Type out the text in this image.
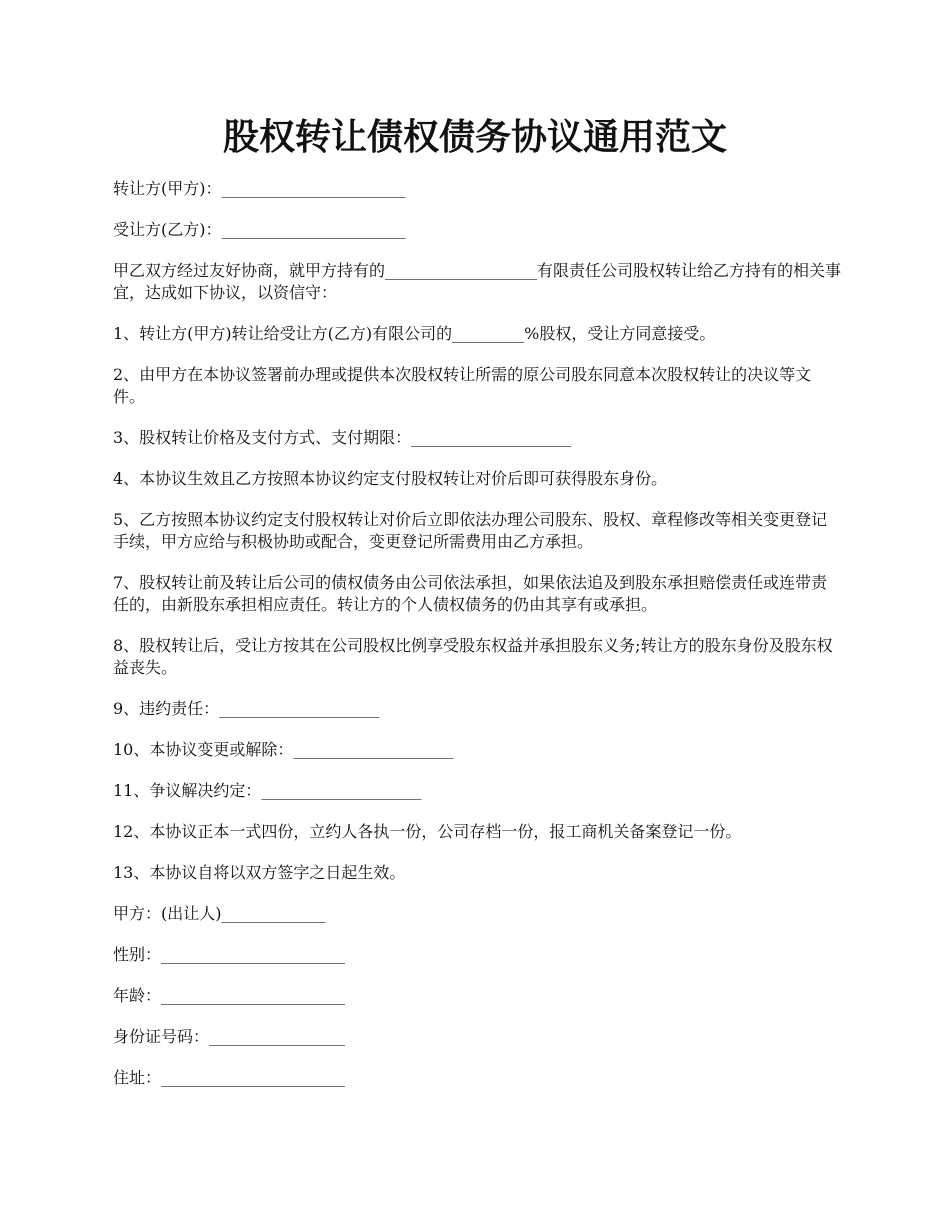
股权转让债权债务协议通用范文

转让方(甲方)：_______________________

受让方(乙方)：_______________________

甲乙双方经过友好协商，就甲方持有的___________________有限责任公司股权转让给乙方持有的相关事宜，达成如下协议，以资信守：

1、转让方(甲方)转让给受让方(乙方)有限公司的_________%股权，受让方同意接受。

2、由甲方在本协议签署前办理或提供本次股权转让所需的原公司股东同意本次股权转让的决议等文件。

3、股权转让价格及支付方式、支付期限：____________________

4、本协议生效且乙方按照本协议约定支付股权转让对价后即可获得股东身份。

5、乙方按照本协议约定支付股权转让对价后立即依法办理公司股东、股权、章程修改等相关变更登记手续，甲方应给与积极协助或配合，变更登记所需费用由乙方承担。

7、股权转让前及转让后公司的债权债务由公司依法承担，如果依法追及到股东承担赔偿责任或连带责任的，由新股东承担相应责任。转让方的个人债权债务的仍由其享有或承担。

8、股权转让后，受让方按其在公司股权比例享受股东权益并承担股东义务;转让方的股东身份及股东权益丧失。

9、违约责任：____________________

10、本协议变更或解除：____________________

11、争议解决约定：____________________

12、本协议正本一式四份，立约人各执一份，公司存档一份，报工商机关备案登记一份。

13、本协议自将以双方签字之日起生效。

甲方：(出让人)_____________

性别：_______________________

年龄：_______________________

身份证号码：_________________

住址：_______________________
